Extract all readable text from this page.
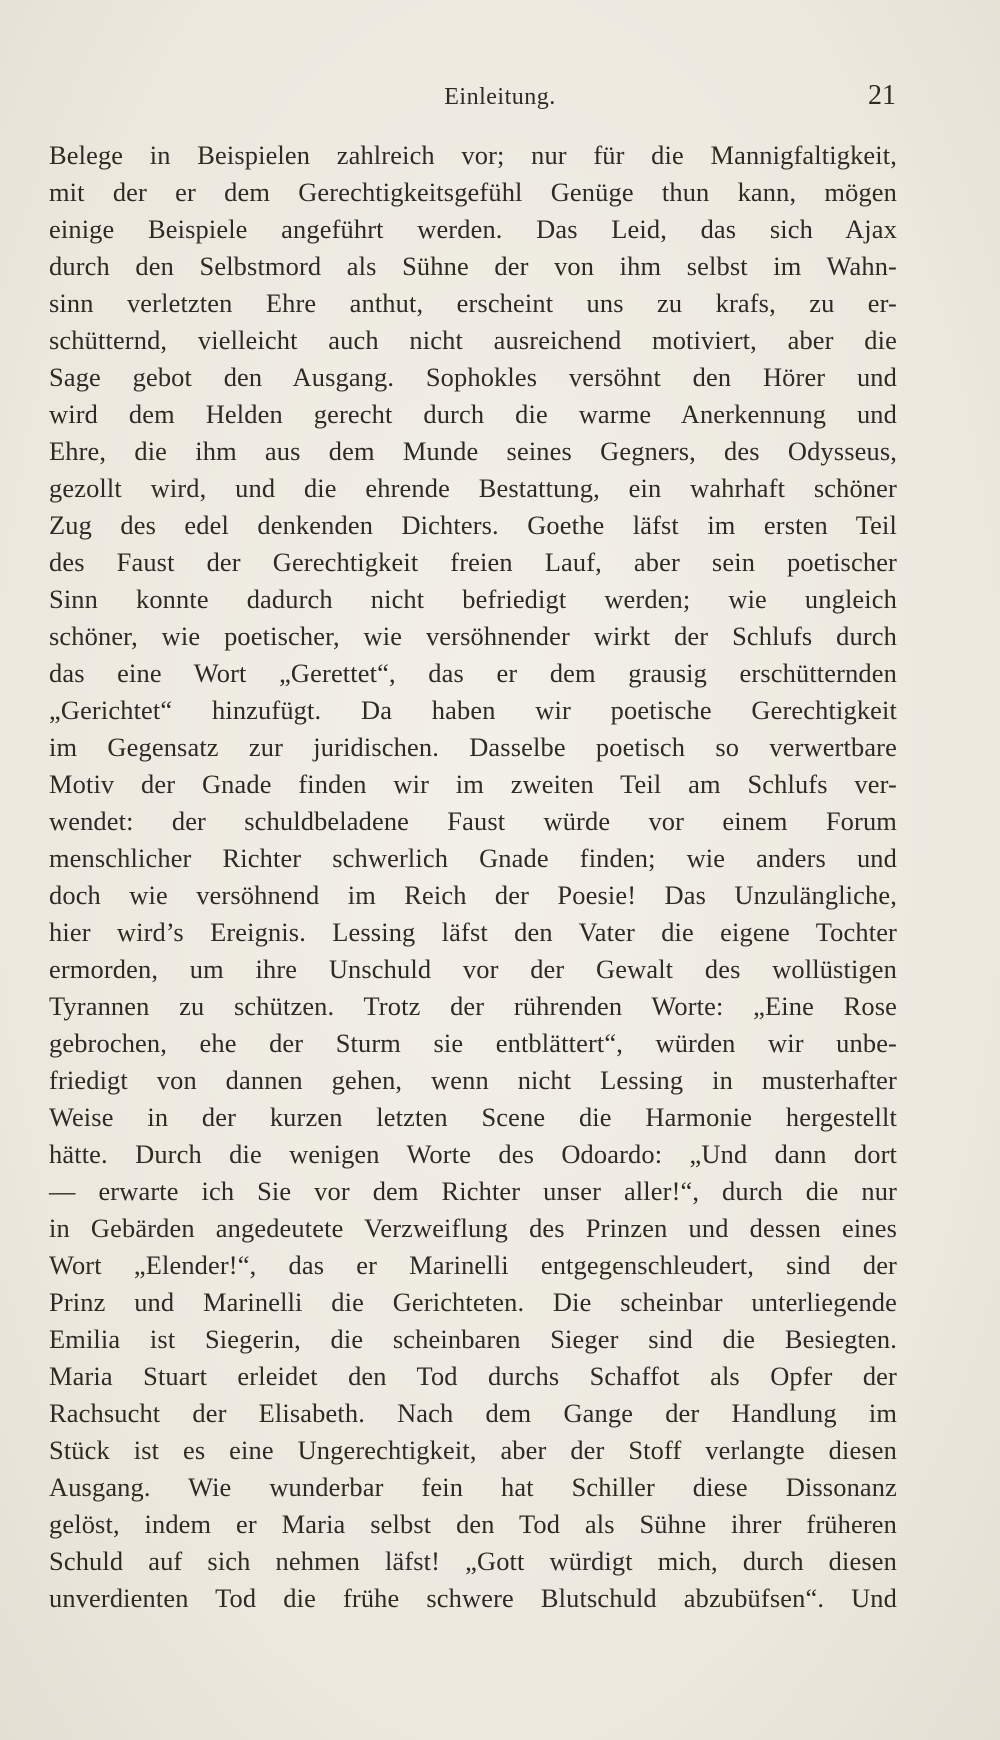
Einleitung.	21
Belege in Beispielen zahlreich vor; nur für die Mannigfaltigkeit,
mit der er dem Gerechtigkeitsgefühl Genüge thun kann, mögen
einige Beispiele angeführt werden. Das Leid, das sich Ajax
durch den Selbstmord als Sühne der von ihm selbst im Wahn-
sinn verletzten Ehre anthut, erscheint uns zu krafs, zu er-
schütternd, vielleicht auch nicht ausreichend motiviert, aber die
Sage gebot den Ausgang. Sophokles versöhnt den Hörer und
wird dem Helden gerecht durch die warme Anerkennung und
Ehre, die ihm aus dem Munde seines Gegners, des Odysseus,
gezollt wird, und die ehrende Bestattung, ein wahrhaft schöner
Zug des edel denkenden Dichters. Goethe läfst im ersten Teil
des Faust der Gerechtigkeit freien Lauf, aber sein poetischer
Sinn konnte dadurch nicht befriedigt werden; wie ungleich
schöner, wie poetischer, wie versöhnender wirkt der Schlufs durch
das eine Wort „Gerettet“, das er dem grausig erschütternden
„Gerichtet“ hinzufügt. Da haben wir poetische Gerechtigkeit
im Gegensatz zur juridischen. Dasselbe poetisch so verwertbare
Motiv der Gnade finden wir im zweiten Teil am Schlufs ver-
wendet: der schuldbeladene Faust würde vor einem Forum
menschlicher Richter schwerlich Gnade finden; wie anders und
doch wie versöhnend im Reich der Poesie! Das Unzulängliche,
hier wird’s Ereignis. Lessing läfst den Vater die eigene Tochter
ermorden, um ihre Unschuld vor der Gewalt des wollüstigen
Tyrannen zu schützen. Trotz der rührenden Worte: „Eine Rose
gebrochen, ehe der Sturm sie entblättert“, würden wir unbe-
friedigt von dannen gehen, wenn nicht Lessing in musterhafter
Weise in der kurzen letzten Scene die Harmonie hergestellt
hätte. Durch die wenigen Worte des Odoardo: „Und dann dort
— erwarte ich Sie vor dem Richter unser aller!“, durch die nur
in Gebärden angedeutete Verzweiflung des Prinzen und dessen eines
Wort „Elender!“, das er Marinelli entgegenschleudert, sind der
Prinz und Marinelli die Gerichteten. Die scheinbar unterliegende
Emilia ist Siegerin, die scheinbaren Sieger sind die Besiegten.
Maria Stuart erleidet den Tod durchs Schaffot als Opfer der
Rachsucht der Elisabeth. Nach dem Gange der Handlung im
Stück ist es eine Ungerechtigkeit, aber der Stoff verlangte diesen
Ausgang. Wie wunderbar fein hat Schiller diese Dissonanz
gelöst, indem er Maria selbst den Tod als Sühne ihrer früheren
Schuld auf sich nehmen läfst! „Gott würdigt mich, durch diesen
unverdienten Tod die frühe schwere Blutschuld abzubüfsen“. Und
